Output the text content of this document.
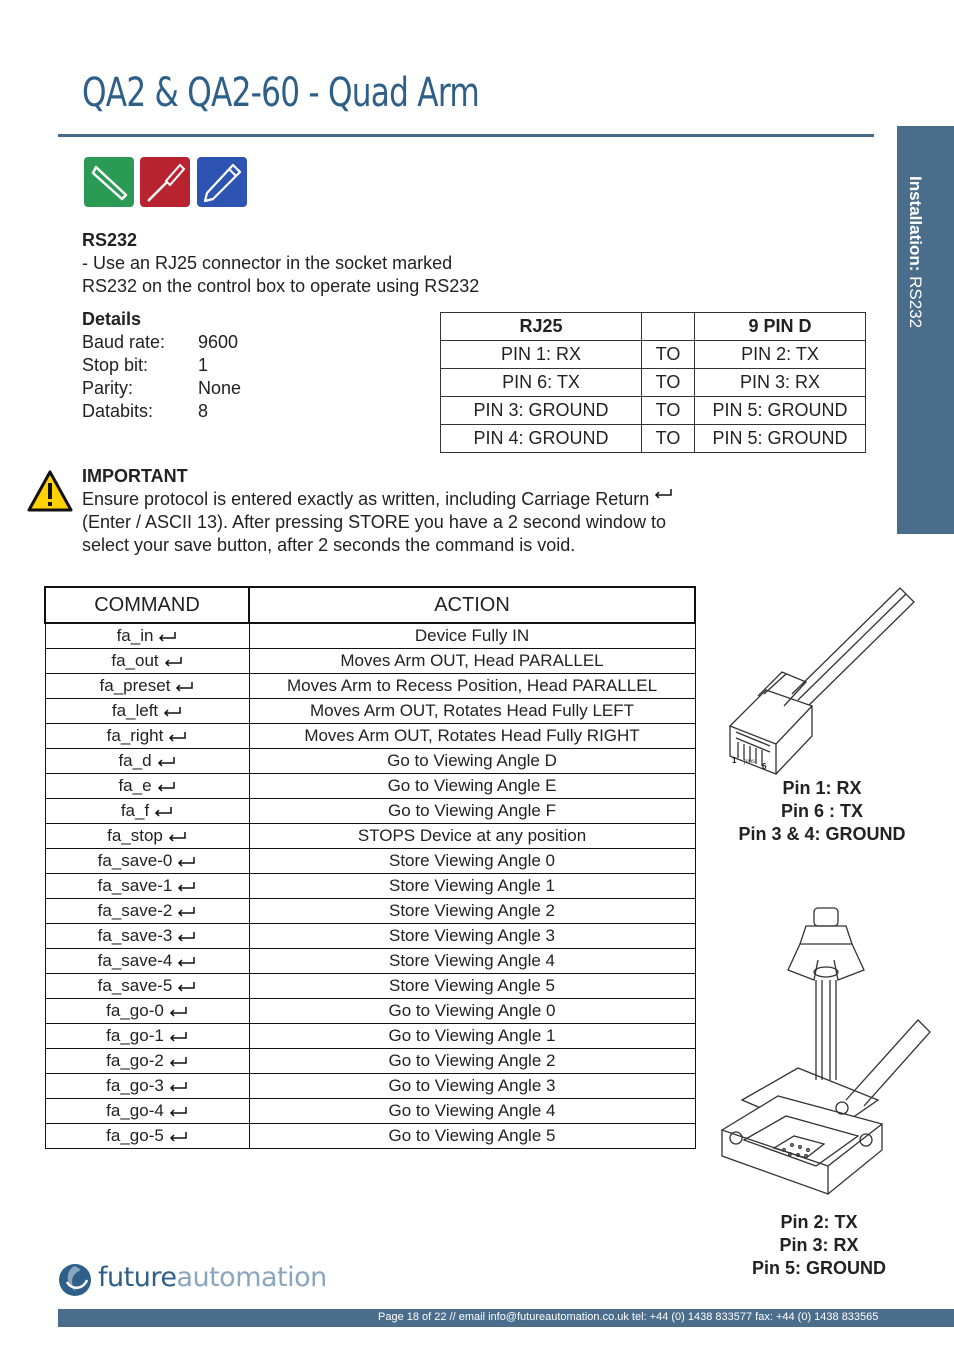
QA2 & QA2-60 - Quad Arm
Installation: RS232
RS232
- Use an RJ25 connector in the socket marked
RS232 on the control box to operate using RS232
Details
Baud rate: 9600
Stop bit:	1
Parity:	None
Databits: 8
RJ25		9 PIN D
PIN 1: RX	TO	PIN 2: TX
PIN 6: TX	TO	PIN 3: RX
PIN 3: GROUND	TO	PIN 5: GROUND
PIN 4: GROUND	TO	PIN 5: GROUND
IMPORTANT
Ensure protocol is entered exactly as written, including Carriage Return
(Enter / ASCII 13). After pressing STORE you have a 2 second window to
select your save button, after 2 seconds the command is void.
COMMAND	ACTION
fa_in	Device Fully IN
fa_out	Moves Arm OUT, Head PARALLEL
fa_preset	Moves Arm to Recess Position, Head PARALLEL
fa_left	Moves Arm OUT, Rotates Head Fully LEFT
fa_right	Moves Arm OUT, Rotates Head Fully RIGHT
fa_d	Go to Viewing Angle D
fa_e	Go to Viewing Angle E
fa_f	Go to Viewing Angle F
fa_stop	STOPS Device at any position
fa_save-0	Store Viewing Angle 0
fa_save-1	Store Viewing Angle 1
fa_save-2	Store Viewing Angle 2
fa_save-3	Store Viewing Angle 3
fa_save-4	Store Viewing Angle 4
fa_save-5	Store Viewing Angle 5
fa_go-0	Go to Viewing Angle 0
fa_go-1	Go to Viewing Angle 1
fa_go-2	Go to Viewing Angle 2
fa_go-3	Go to Viewing Angle 3
fa_go-4	Go to Viewing Angle 4
fa_go-5	Go to Viewing Angle 5
1 pins 6
Pin 1: RX
Pin 6 : TX
Pin 3 & 4: GROUND
Pin 2: TX
Pin 3: RX
Pin 5: GROUND
futureautomation
Page 18 of 22 // email info@futureautomation.co.uk tel: +44 (0) 1438 833577 fax: +44 (0) 1438 833565
